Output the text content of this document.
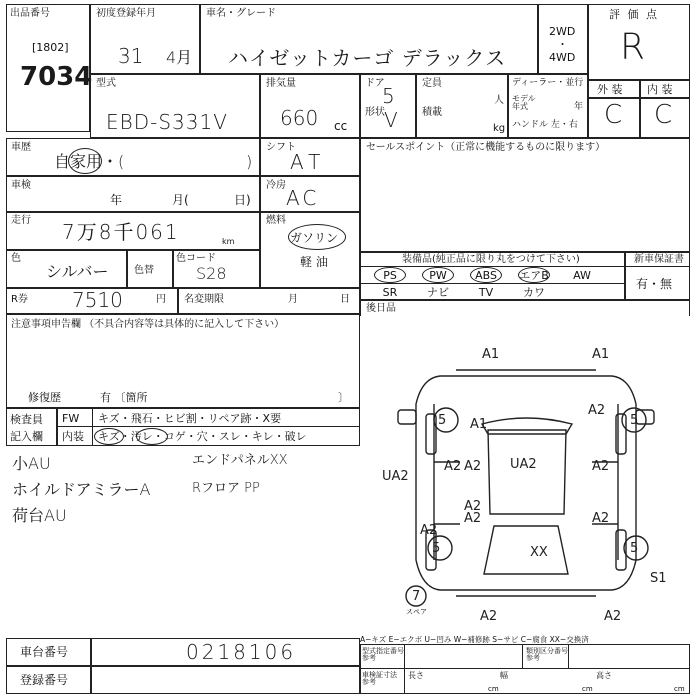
出品番号
[1802]
7034
初度登録年月
31 4月
車名・グレード
ハイゼットカーゴ デラックス
2WD
・
4WD
評 価 点
R
型式
EBD-S331V
排気量
660 cc
ドア
5
形状 V
定員
人
積載
kg
ディーラー・並行
モデル
年式	年
ハンドル 左・右
外 装 内 装
C C
車歴
自家用・(	)
シフト
AT
車検
年	月(	日)
冷房
AC
走行 7万8千061	km
燃料
ガソリン
軽 油
色
シルバー	色替
色コード
S28
R券 7510	円 名変期限	月	日
セールスポイント（正常に機能するものに限ります）
装備品(純正品に限り丸をつけて下さい)	新車保証書
有・無
後日品
注意事項申告欄 （不具合内容等は具体的に記入して下さい）
修復歴	有 〔箇所	〕
検査員
記入欄
FW キズ・飛石・ヒビ割・リペア跡・X要
内装 キズ・汚レ・コゲ・穴・スレ・キレ・破レ
小AU
ホイルドアミラーA
荷台AU
エンドパネルXX
Rフロア PP
A1	A1
A1
A2
A2 A2	A2
UA2
A2
UA2
A2	A2
A2
XX
A2
A2
5	5
5	5
S1
7
スペア
A−キズ E−エクボ U−凹み W−補修跡 S−サビ C−腐食 XX−交換済
車台番号	0218106
登録番号
型式指定番号
参考
類別区分番号
参考
車検証寸法
参考
長さ
cm
幅
cm
高さ
cm
PS	PW	ABS	エアB	AW
SR	ナビ	TV	カワ
